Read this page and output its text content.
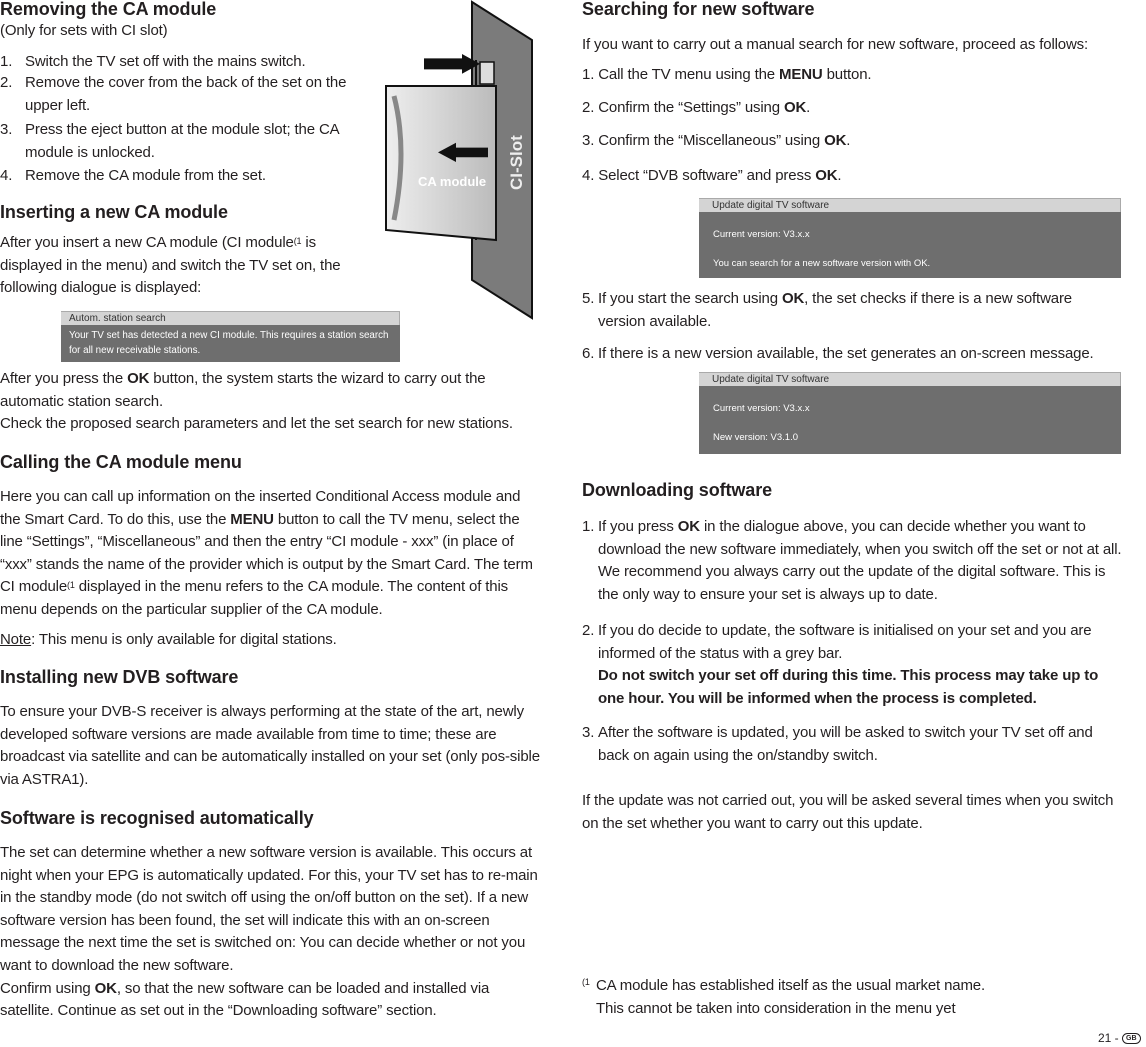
Removing the CA module
(Only for sets with CI slot)
1. Switch the TV set off with the mains switch.
2. Remove the cover from the back of the set on the upper left.
3. Press the eject button at the module slot; the CA module is unlocked.
4. Remove the CA module from the set.	CA module CI-Slot
Inserting a new CA module
After you insert a new CA module (CI module$^{(1}$ is displayed in the menu) and switch the TV set on, the following dialogue is displayed:
Autom. station search
Your TV set has detected a new CI module. This requires a station search for all new receivable stations.
After you press the OK button, the system starts the wizard to carry out the automatic station search.
Check the proposed search parameters and let the set search for new stations.
Calling the CA module menu
Here you can call up information on the inserted Conditional Access module and the Smart Card. To do this, use the MENU button to call the TV menu, select the line “Settings”, “Miscellaneous” and then the entry “CI module - xxx” (in place of “xxx” stands the name of the provider which is output by the Smart Card. The term CI module$^{(1}$ displayed in the menu refers to the CA module. The content of this menu depends on the particular supplier of the CA module.
Note: This menu is only available for digital stations.
Installing new DVB software
To ensure your DVB-S receiver is always performing at the state of the art, newly developed software versions are made available from time to time; these are broadcast via satellite and can be automatically installed on your set (only pos-sible via ASTRA1).
Software is recognised automatically
The set can determine whether a new software version is available. This occurs at night when your EPG is automatically updated. For this, your TV set has to re-main in the standby mode (do not switch off using the on/off button on the set). If a new software version has been found, the set will indicate this with an on-screen message the next time the set is switched on: You can decide whether or not you want to download the new software.
Confirm using OK, so that the new software can be loaded and installed via satellite. Continue as set out in the “Downloading software” section.
Searching for new software
If you want to carry out a manual search for new software, proceed as follows:
1. Call the TV menu using the MENU button.
2. Confirm the “Settings” using OK.
3. Confirm the “Miscellaneous” using OK.
4. Select “DVB software” and press OK.
Update digital TV software
Current version: V3.x.x
You can search for a new software version with OK.
5. If you start the search using OK, the set checks if there is a new software version available.
6. If there is a new version available, the set generates an on-screen message.
Update digital TV software
Current version: V3.x.x
New version: V3.1.0
Downloading software
1. If you press OK in the dialogue above, you can decide whether you want to download the new software immediately, when you switch off the set or not at all. We recommend you always carry out the update of the digital software. This is the only way to ensure your set is always up to date.
2. If you do decide to update, the software is initialised on your set and you are informed of the status with a grey bar.
Do not switch your set off during this time. This process may take up to one hour. You will be informed when the process is completed.
3. After the software is updated, you will be asked to switch your TV set off and back on again using the on/standby switch.
If the update was not carried out, you will be asked several times when you switch on the set whether you want to carry out this update.
(1 CA module has established itself as the usual market name.
This cannot be taken into consideration in the menu yet
21 - GB
